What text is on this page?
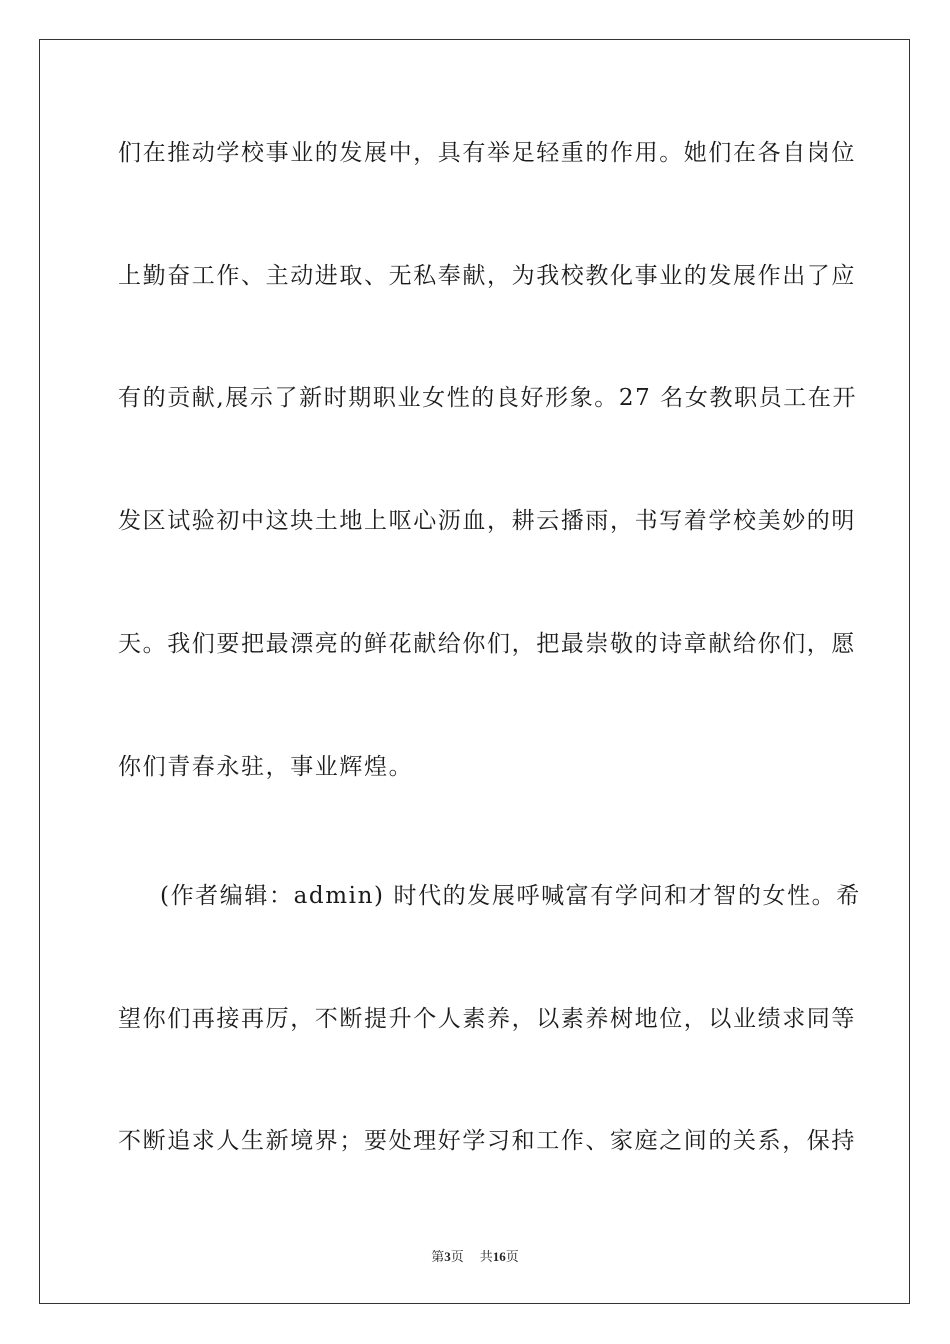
们在推动学校事业的发展中，具有举足轻重的作用。她们在各自岗位
上勤奋工作、主动进取、无私奉献，为我校教化事业的发展作出了应
有的贡献,展示了新时期职业女性的良好形象。27 名女教职员工在开
发区试验初中这块土地上呕心沥血，耕云播雨，书写着学校美妙的明
天。我们要把最漂亮的鲜花献给你们，把最崇敬的诗章献给你们，愿
你们青春永驻，事业辉煌。
(作者编辑：admin) 时代的发展呼喊富有学问和才智的女性。希
望你们再接再厉，不断提升个人素养，以素养树地位，以业绩求同等
不断追求人生新境界；要处理好学习和工作、家庭之间的关系，保持
第3页 共16页
